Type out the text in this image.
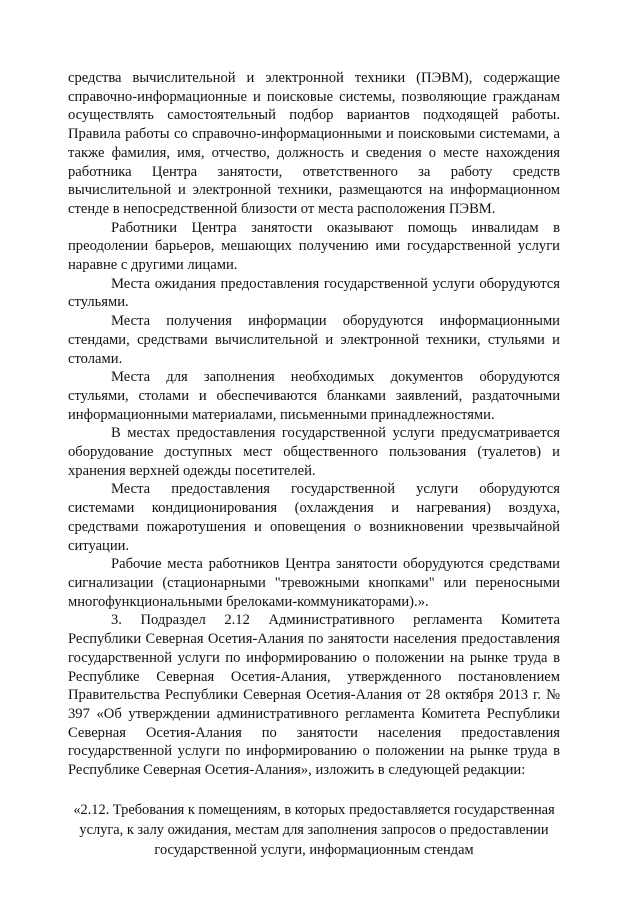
средства вычислительной и электронной техники (ПЭВМ), содержащие справочно-информационные и поисковые системы, позволяющие гражданам осуществлять самостоятельный подбор вариантов подходящей работы. Правила работы со справочно-информационными и поисковыми системами, а также фамилия, имя, отчество, должность и сведения о месте нахождения работника Центра занятости, ответственного за работу средств вычислительной и электронной техники, размещаются на информационном стенде в непосредственной близости от места расположения ПЭВМ.

Работники Центра занятости оказывают помощь инвалидам в преодолении барьеров, мешающих получению ими государственной услуги наравне с другими лицами.

Места ожидания предоставления государственной услуги оборудуются стульями.

Места получения информации оборудуются информационными стендами, средствами вычислительной и электронной техники, стульями и столами.

Места для заполнения необходимых документов оборудуются стульями, столами и обеспечиваются бланками заявлений, раздаточными информационными материалами, письменными принадлежностями.

В местах предоставления государственной услуги предусматривается оборудование доступных мест общественного пользования (туалетов) и хранения верхней одежды посетителей.

Места предоставления государственной услуги оборудуются системами кондиционирования (охлаждения и нагревания) воздуха, средствами пожаротушения и оповещения о возникновении чрезвычайной ситуации.

Рабочие места работников Центра занятости оборудуются средствами сигнализации (стационарными "тревожными кнопками" или переносными многофункциональными брелоками-коммуникаторами).».

3. Подраздел 2.12 Административного регламента Комитета Республики Северная Осетия-Алания по занятости населения предоставления государственной услуги по информированию о положении на рынке труда в Республике Северная Осетия-Алания, утвержденного постановлением Правительства Республики Северная Осетия-Алания от 28 октября 2013 г. № 397 «Об утверждении административного регламента Комитета Республики Северная Осетия-Алания по занятости населения предоставления государственной услуги по информированию о положении на рынке труда в Республике Северная Осетия-Алания», изложить в следующей редакции:

«2.12. Требования к помещениям, в которых предоставляется государственная услуга, к залу ожидания, местам для заполнения запросов о предоставлении государственной услуги, информационным стендам
